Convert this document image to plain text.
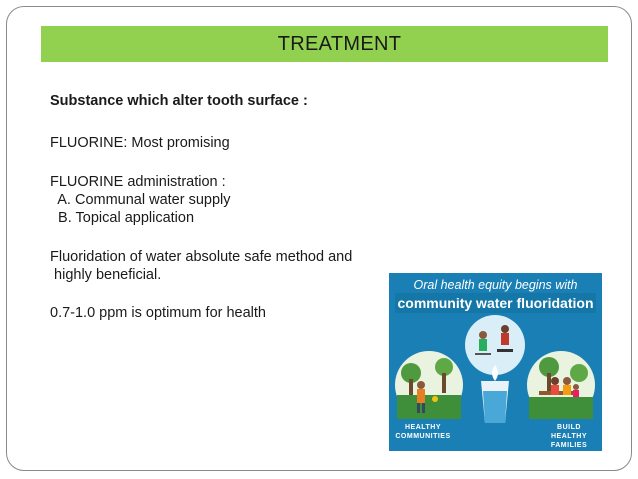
TREATMENT
Substance which alter tooth surface :
FLUORINE: Most promising
FLUORINE administration :
A. Communal water supply
B. Topical application
Fluoridation of water absolute safe method and
highly beneficial.
0.7-1.0 ppm is optimum for health
Oral health equity begins with
community water fluoridation
HEALTHY
COMMUNITIES
BUILD HEALTHY
FAMILIES
